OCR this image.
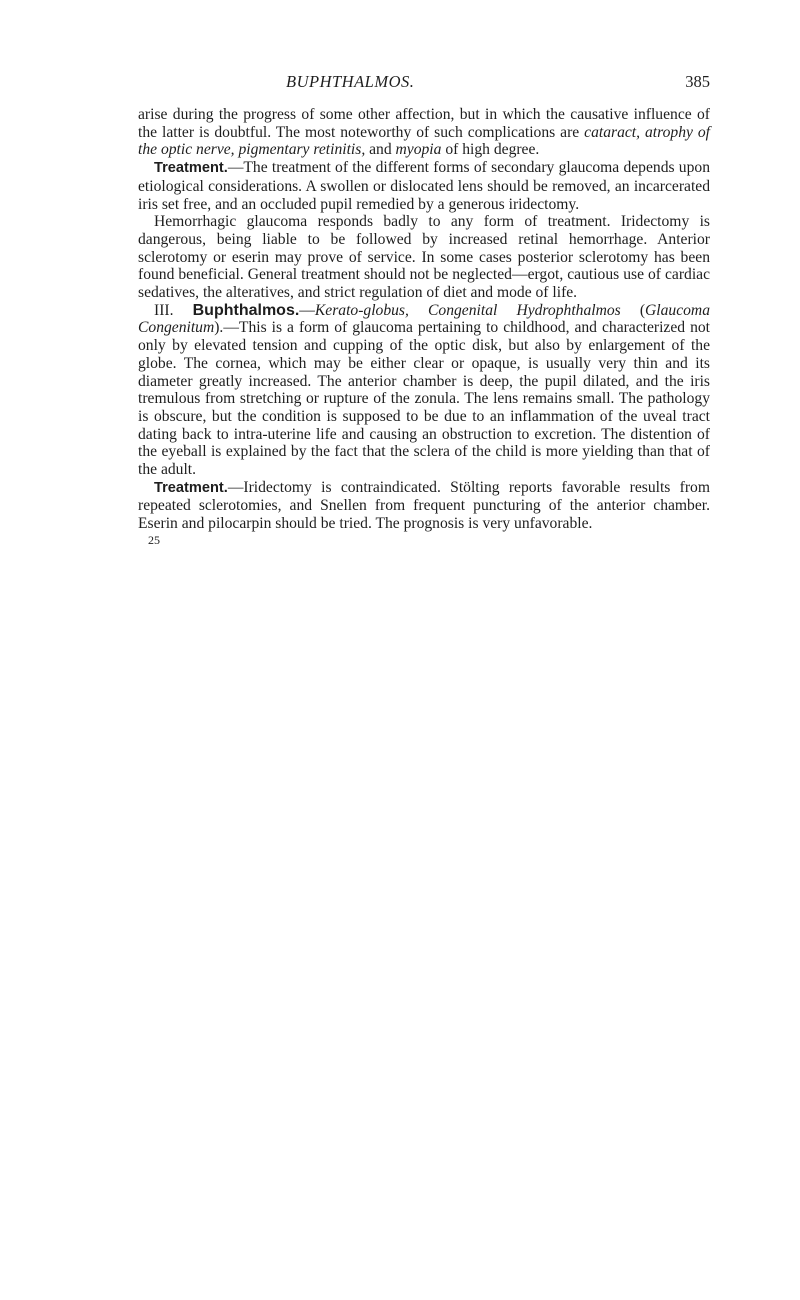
BUPHTHALMOS.	385

arise during the progress of some other affection, but in which the causative influence of the latter is doubtful. The most noteworthy of such complications are cataract, atrophy of the optic nerve, pigmentary retinitis, and myopia of high degree.

Treatment.—The treatment of the different forms of secondary glaucoma depends upon etiological considerations. A swollen or dislocated lens should be removed, an incarcerated iris set free, and an occluded pupil remedied by a generous iridectomy.

Hemorrhagic glaucoma responds badly to any form of treatment. Iridectomy is dangerous, being liable to be followed by increased retinal hemorrhage. Anterior sclerotomy or eserin may prove of service. In some cases posterior sclerotomy has been found beneficial. General treatment should not be neglected—ergot, cautious use of cardiac sedatives, the alteratives, and strict regulation of diet and mode of life.

III. Buphthalmos.—Kerato-globus, Congenital Hydrophthalmos (Glaucoma Congenitum).—This is a form of glaucoma pertaining to childhood, and characterized not only by elevated tension and cupping of the optic disk, but also by enlargement of the globe. The cornea, which may be either clear or opaque, is usually very thin and its diameter greatly increased. The anterior chamber is deep, the pupil dilated, and the iris tremulous from stretching or rupture of the zonula. The lens remains small. The pathology is obscure, but the condition is supposed to be due to an inflammation of the uveal tract dating back to intra-uterine life and causing an obstruction to excretion. The distention of the eyeball is explained by the fact that the sclera of the child is more yielding than that of the adult.

Treatment.—Iridectomy is contraindicated. Stölting reports favorable results from repeated sclerotomies, and Snellen from frequent puncturing of the anterior chamber. Eserin and pilocarpin should be tried. The prognosis is very unfavorable.

25
